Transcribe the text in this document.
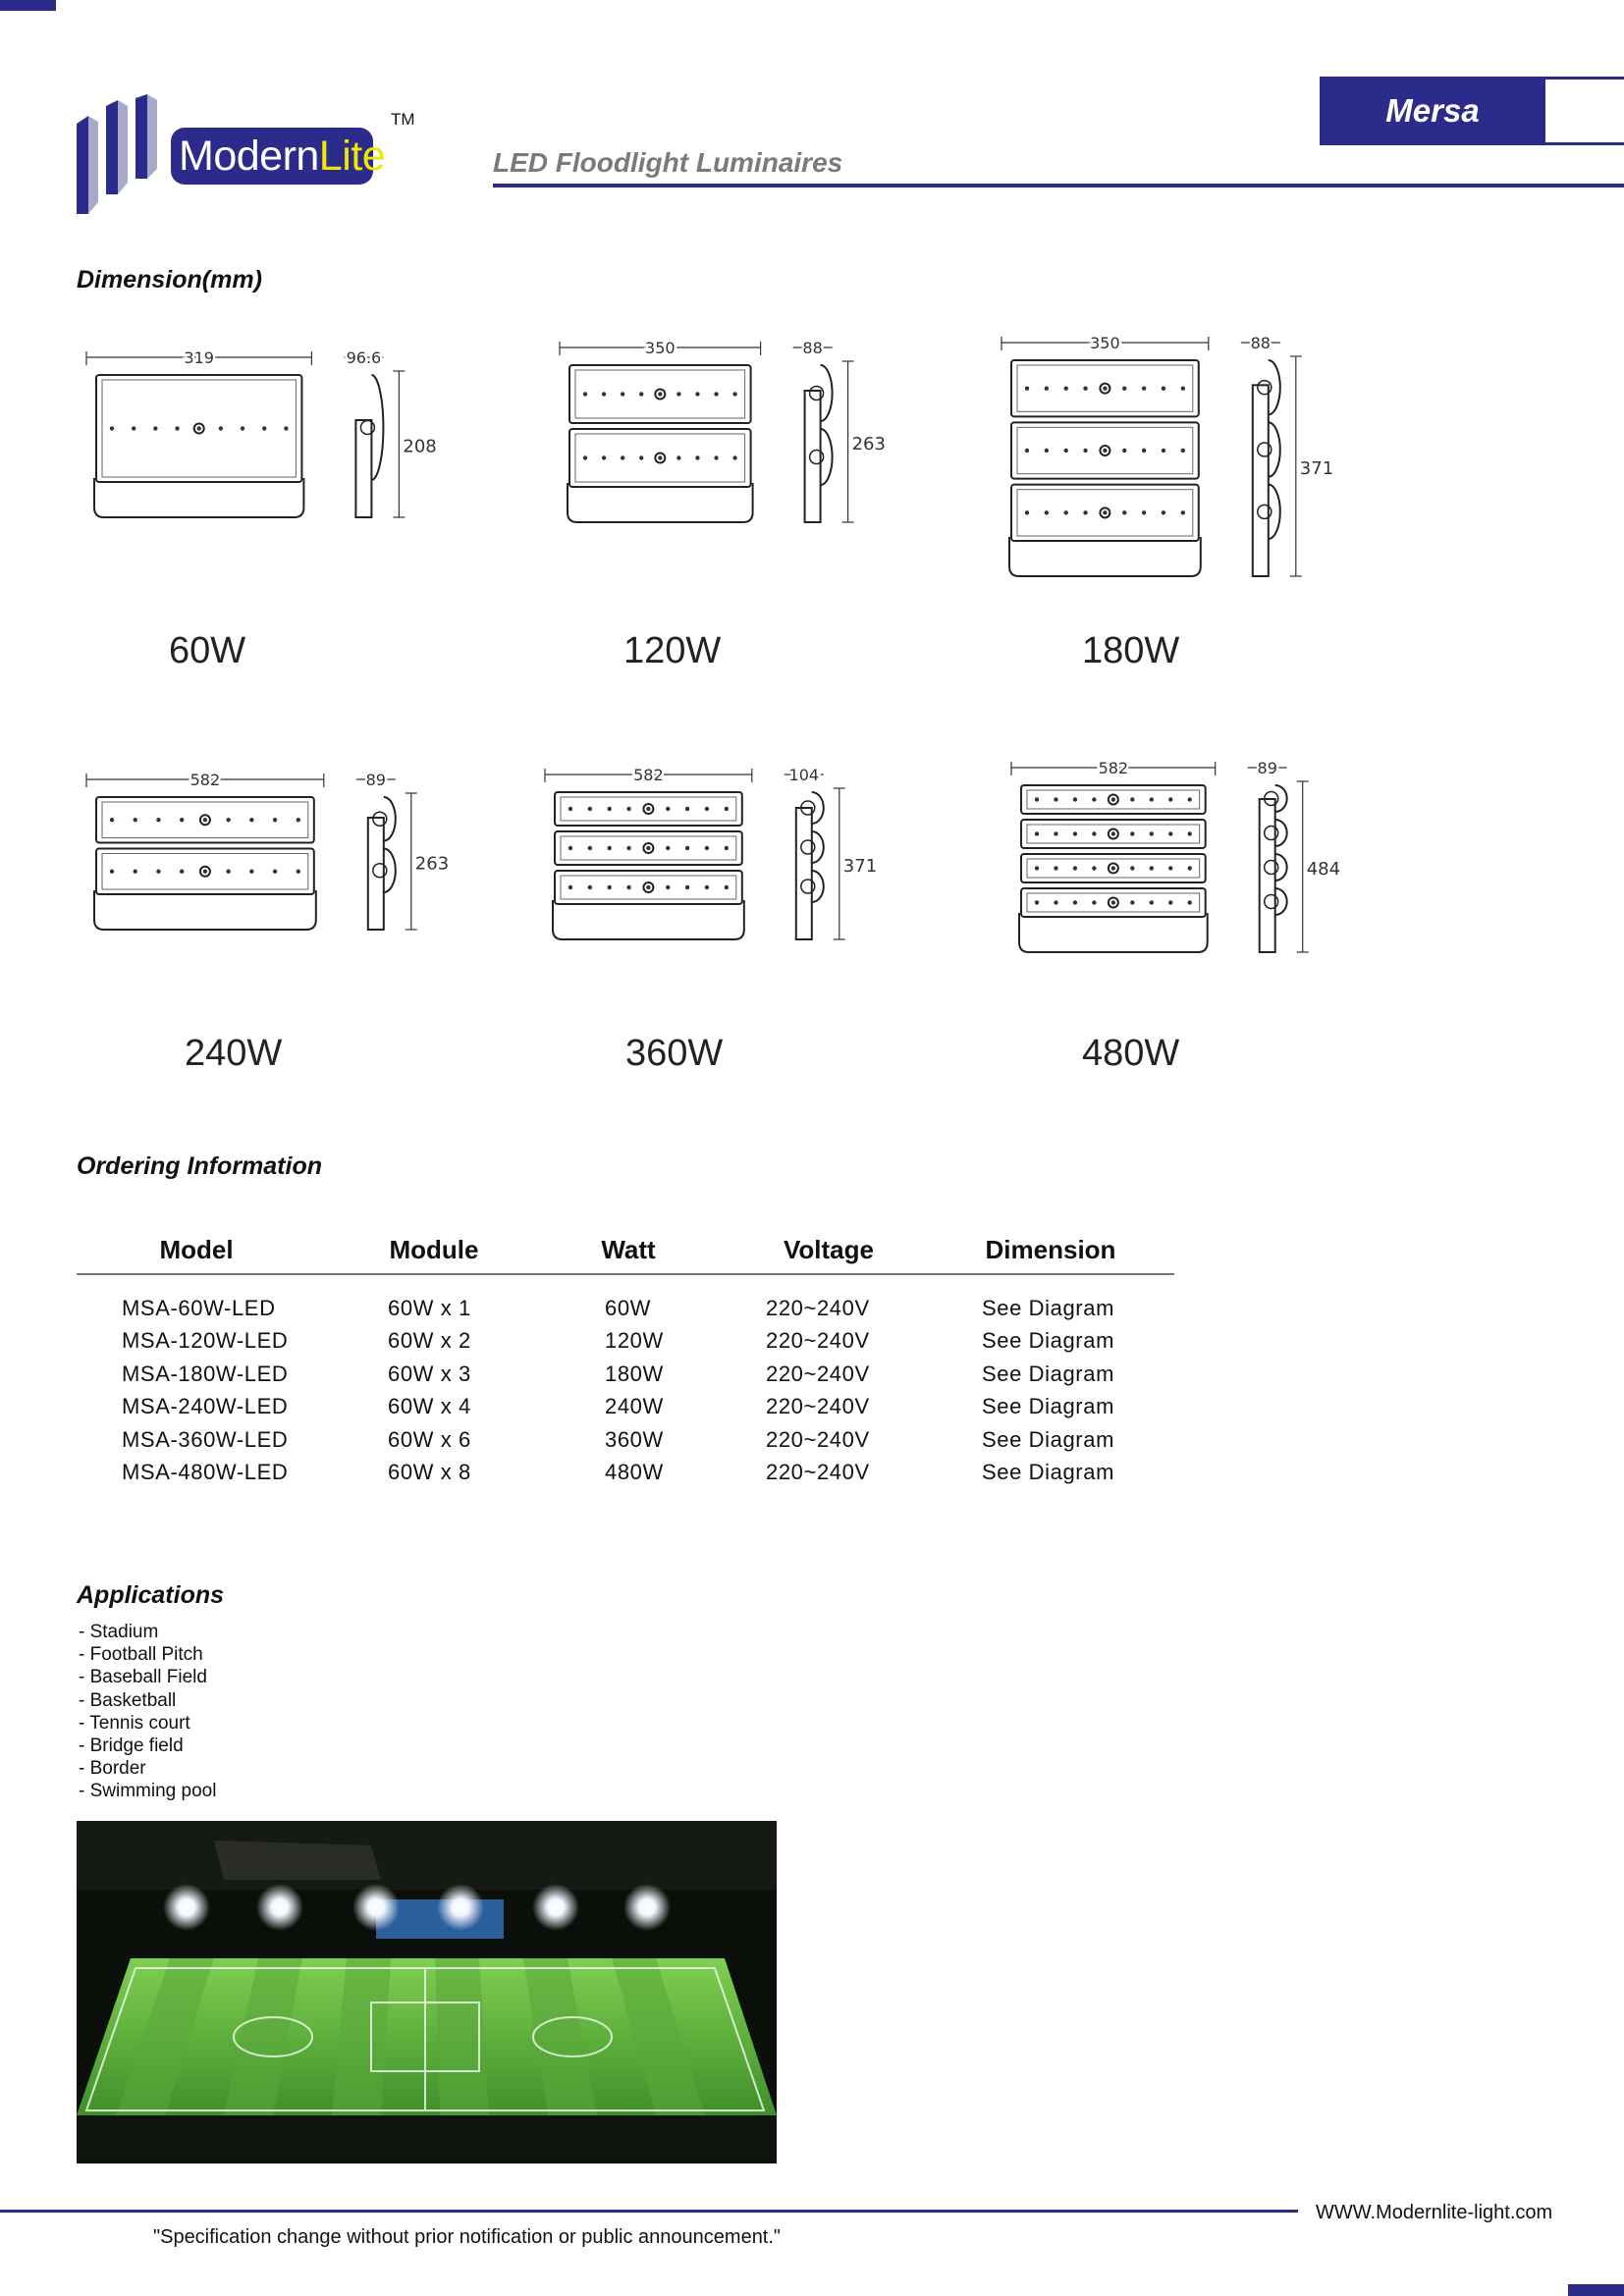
ModernLite
TM
LED Floodlight Luminaires
Mersa
Dimension(mm)
319	96.6
208
60W
350	88
263
120W
350	88
371
180W
582	89
263
240W
582	104
371
360W
582	89
484
480W
Ordering Information
Model	Module	Watt	Voltage	Dimension
MSA-60W-LED	60W x 1	60W	220~240V	See Diagram
MSA-120W-LED	60W x 2	120W	220~240V	See Diagram
MSA-180W-LED	60W x 3	180W	220~240V	See Diagram
MSA-240W-LED	60W x 4	240W	220~240V	See Diagram
MSA-360W-LED	60W x 6	360W	220~240V	See Diagram
MSA-480W-LED	60W x 8	480W	220~240V	See Diagram
Applications
- Stadium
- Football Pitch
- Baseball Field
- Basketball
- Tennis court
- Bridge field
- Border
- Swimming pool
WWW.Modernlite-light.com
"Specification change without prior notification or public announcement."
